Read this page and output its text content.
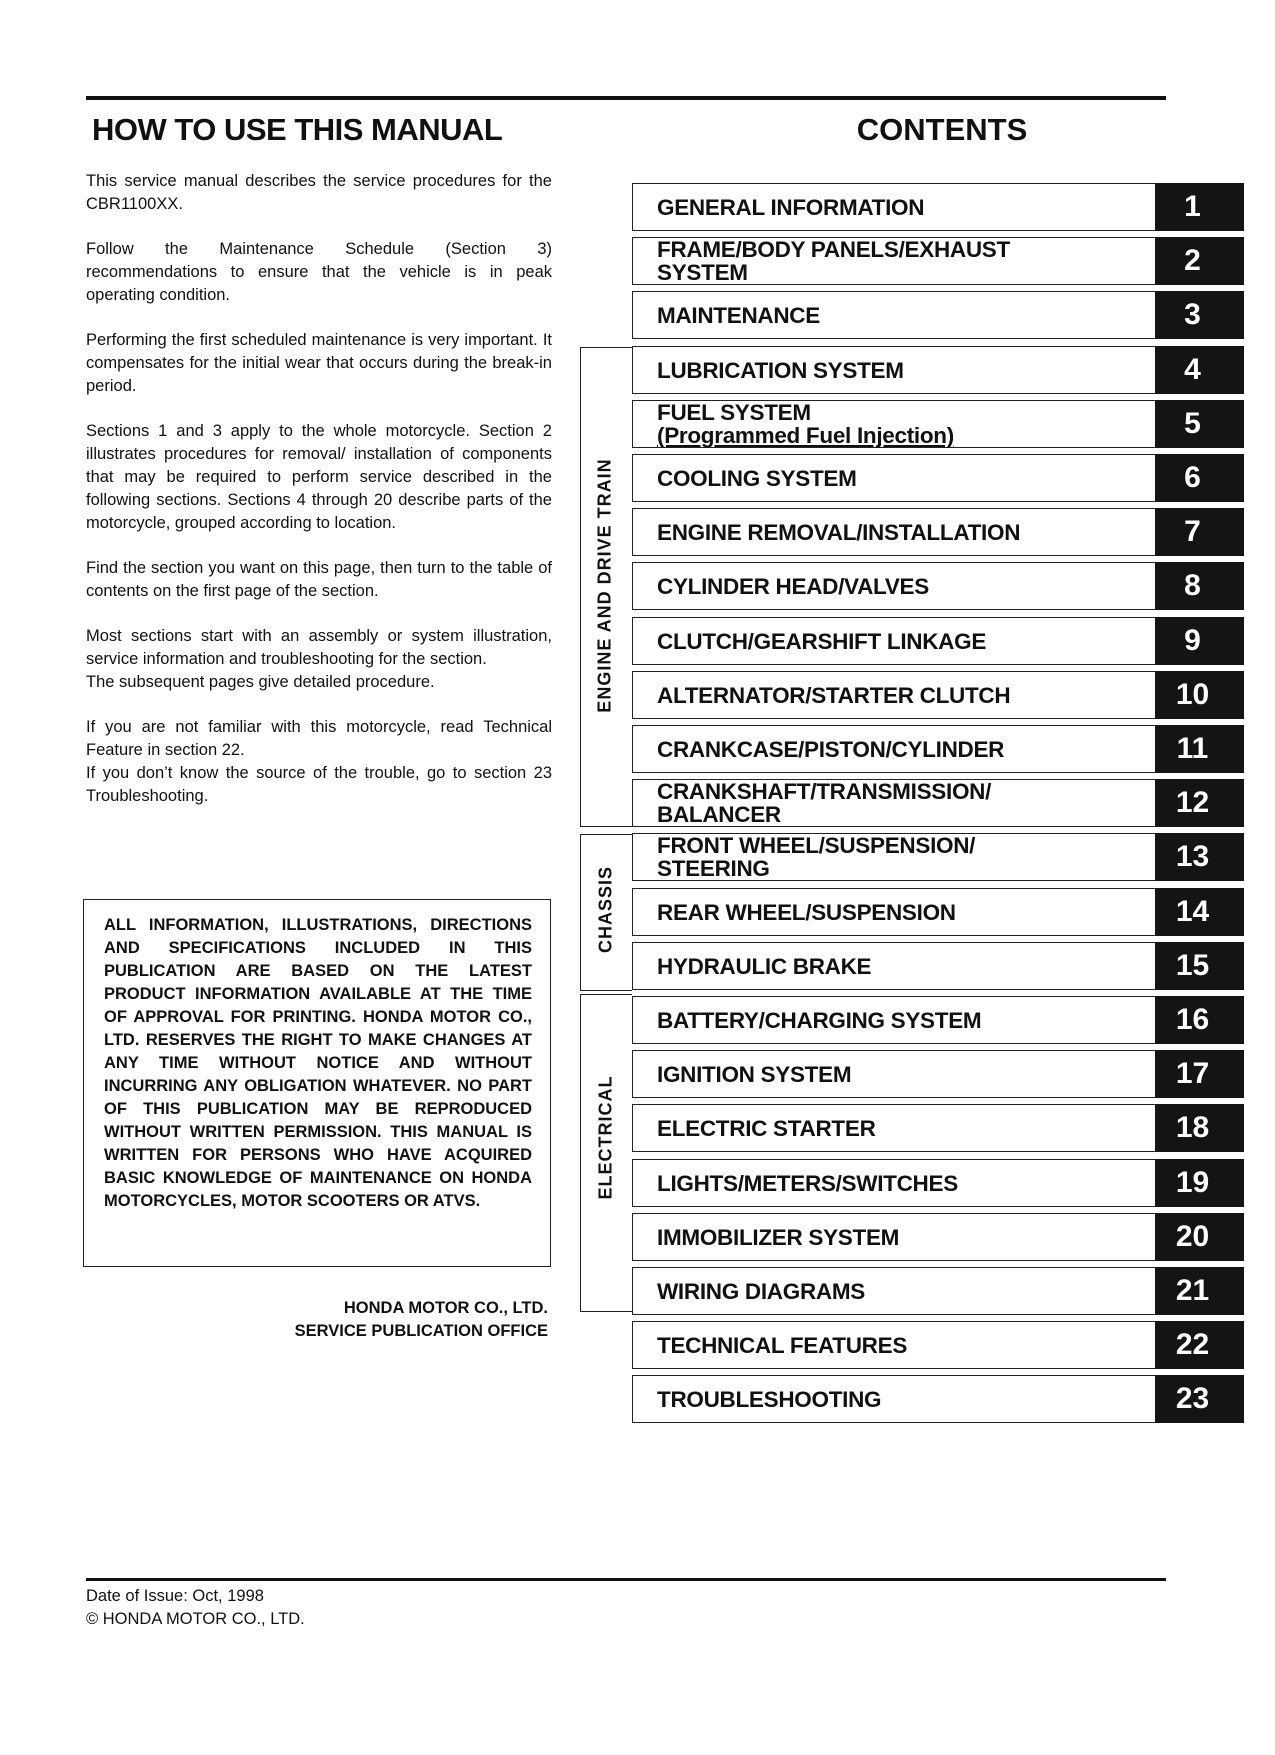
HOW TO USE THIS MANUAL

This service manual describes the service procedures for the CBR1100XX.

Follow the Maintenance Schedule (Section 3) recommendations to ensure that the vehicle is in peak operating condition.

Performing the first scheduled maintenance is very important. It compensates for the initial wear that occurs during the break-in period.

Sections 1 and 3 apply to the whole motorcycle. Section 2 illustrates procedures for removal/ installation of components that may be required to perform service described in the following sections. Sections 4 through 20 describe parts of the motorcycle, grouped according to location.

Find the section you want on this page, then turn to the table of contents on the first page of the section.

Most sections start with an assembly or system illustration, service information and troubleshooting for the section.

The subsequent pages give detailed procedure.

If you are not familiar with this motorcycle, read Technical Feature in section 22.

If you don’t know the source of the trouble, go to section 23 Troubleshooting.

ALL INFORMATION, ILLUSTRATIONS, DIRECTIONS AND SPECIFICATIONS INCLUDED IN THIS PUBLICATION ARE BASED ON THE LATEST PRODUCT INFORMATION AVAILABLE AT THE TIME OF APPROVAL FOR PRINTING. HONDA MOTOR CO., LTD. RESERVES THE RIGHT TO MAKE CHANGES AT ANY TIME WITHOUT NOTICE AND WITHOUT INCURRING ANY OBLIGATION WHATEVER. NO PART OF THIS PUBLICATION MAY BE REPRODUCED WITHOUT WRITTEN PERMISSION. THIS MANUAL IS WRITTEN FOR PERSONS WHO HAVE ACQUIRED BASIC KNOWLEDGE OF MAINTENANCE ON HONDA MOTORCYCLES, MOTOR SCOOTERS OR ATVS.
HONDA MOTOR CO., LTD.
SERVICE PUBLICATION OFFICE
CONTENTS
ENGINE AND DRIVE TRAIN
CHASSIS
ELECTRICAL
GENERAL INFORMATION	1
FRAME/BODY PANELS/EXHAUST
SYSTEM	2
MAINTENANCE	3
LUBRICATION SYSTEM	4
FUEL SYSTEM
(Programmed Fuel Injection)	5
COOLING SYSTEM	6
ENGINE REMOVAL/INSTALLATION	7
CYLINDER HEAD/VALVES	8
CLUTCH/GEARSHIFT LINKAGE	9
ALTERNATOR/STARTER CLUTCH	10
CRANKCASE/PISTON/CYLINDER	11
CRANKSHAFT/TRANSMISSION/
BALANCER	12
FRONT WHEEL/SUSPENSION/
STEERING	13
REAR WHEEL/SUSPENSION	14
HYDRAULIC BRAKE	15
BATTERY/CHARGING SYSTEM	16
IGNITION SYSTEM	17
ELECTRIC STARTER	18
LIGHTS/METERS/SWITCHES	19
IMMOBILIZER SYSTEM	20
WIRING DIAGRAMS	21
TECHNICAL FEATURES	22
TROUBLESHOOTING	23
Date of Issue: Oct, 1998
© HONDA MOTOR CO., LTD.
